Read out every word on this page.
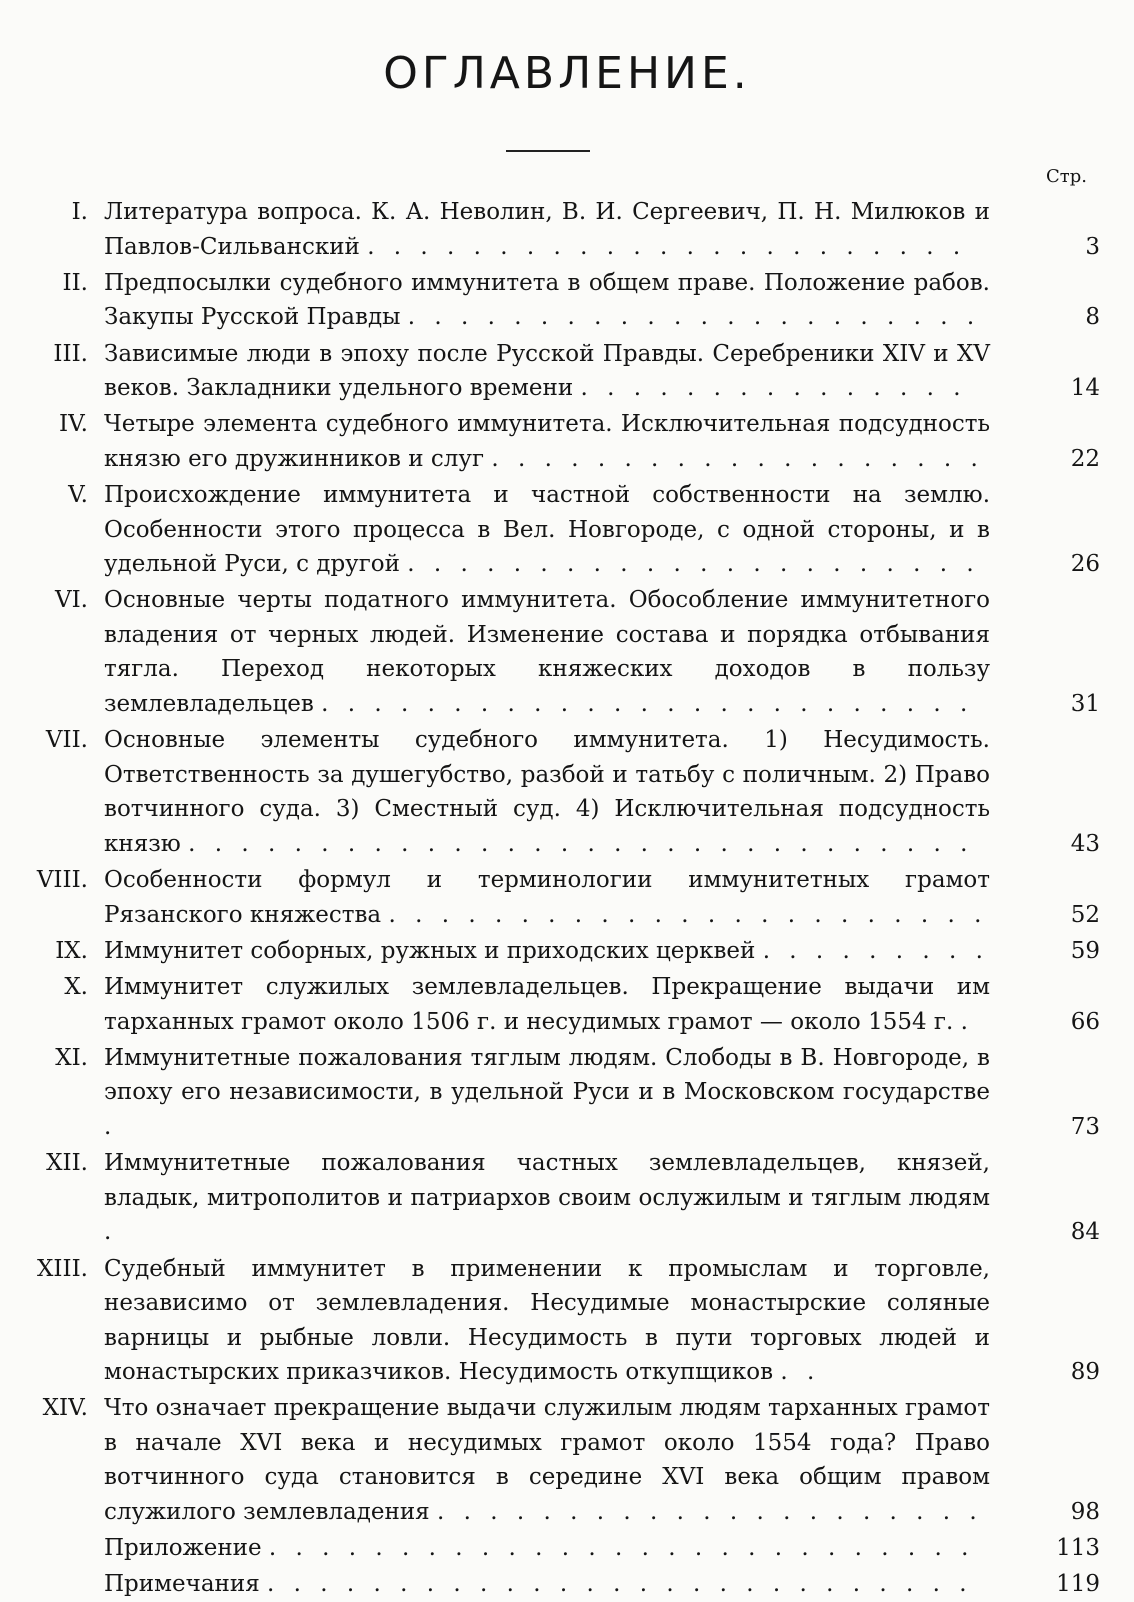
ОГЛАВЛЕНИЕ.
Стр.
I. Литература вопроса. К. А. Неволин, В. И. Сергеевич, П. Н. Милюков и Павлов-Сильванский . . . . . . . . . . . . . . . . . . . . . . .	3
II. Предпосылки судебного иммунитета в общем праве. Положение рабов. Закупы Русской Правды . . . . . . . . . . . . . . . . . . . . . .	8
III. Зависимые люди в эпоху после Русской Правды. Серебреники XIV и XV веков. Закладники удельного времени . . . . . . . . . . . . . . .	14
IV. Четыре элемента судебного иммунитета. Исключительная подсудность князю его дружинников и слуг . . . . . . . . . . . . . . . . . . .	22
V. Происхождение иммунитета и частной собственности на землю. Особенности этого процесса в Вел. Новгороде, с одной стороны, и в удельной Руси, с другой . . . . . . . . . . . . . . . . . . . . . .	26
VI. Основные черты податного иммунитета. Обособление иммунитетного владения от черных людей. Изменение состава и порядка отбывания тягла. Переход некоторых княжеских доходов в пользу землевладельцев . . . . . . . . . . . . . . . . . . . . . . . . .	31
VII. Основные элементы судебного иммунитета. 1) Несудимость. Ответственность за душегубство, разбой и татьбу с поличным. 2) Право вотчинного суда. 3) Сместный суд. 4) Исключительная подсудность князю . . . . . . . . . . . . . . . . . . . . . . . . . . . . . .	43
VIII. Особенности формул и терминологии иммунитетных грамот Рязанского княжества . . . . . . . . . . . . . . . . . . . . . . .	52
IX. Иммунитет соборных, ружных и приходских церквей . . . . . . . . .	59
X. Иммунитет служилых землевладельцев. Прекращение выдачи им тарханных грамот около 1506 г. и несудимых грамот — около 1554 г. .	66
XI. Иммунитетные пожалования тяглым людям. Слободы в В. Новгороде, в эпоху его независимости, в удельной Руси и в Московском государстве .	73
XII. Иммунитетные пожалования частных землевладельцев, князей, владык, митрополитов и патриархов своим ослужилым и тяглым людям .	84
XIII. Судебный иммунитет в применении к промыслам и торговле, независимо от землевладения. Несудимые монастырские соляные варницы и рыбные ловли. Несудимость в пути торговых людей и монастырских приказчиков. Несудимость откупщиков . .	89
XIV. Что означает прекращение выдачи служилым людям тарханных грамот в начале XVI века и несудимых грамот около 1554 года? Право вотчинного суда становится в середине XVI века общим правом служилого землевладения . . . . . . . . . . . . . . . . . . . . .	98
Приложение . . . . . . . . . . . . . . . . . . . . . . . . . . .	113
Примечания . . . . . . . . . . . . . . . . . . . . . . . . . . .	119
